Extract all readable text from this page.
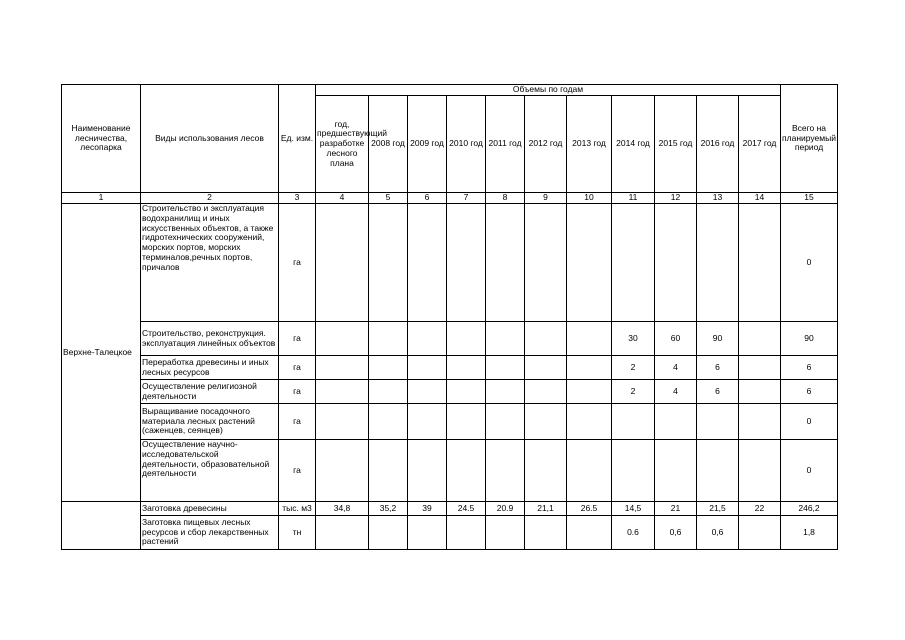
Наименование лесничества, лесопарка	Виды использования лесов	Ед. изм.	Объемы по годам											Всего на планируемый период
			год, предшествующий разработке лесного плана	2008 год	2009 год	2010 год	2011 год	2012 год	2013 год	2014 год	2015 год	2016 год	2017 год	
1	2	3	4	5	6	7	8	9	10	11	12	13	14	15
Верхне-Талецкое	Строительство и эксплуатация водохранилищ и иных искусственных объектов, а также гидротехнических сооружений, морских портов, морских терминалов,речных портов, причалов	га												0
	Строительство, реконструкция. эксплуатация линейных объектов	га								30	60	90		90
	Переработка древесины и иных лесных ресурсов	га								2	4	6		6
	Осуществление религиозной деятельности	га								2	4	6		6
	Выращивание посадочного материала лесных растений (саженцев, сеянцев)	га												0
	Осуществление научно-исследовательской деятельности, образовательной деятельности	га												0
	Заготовка древесины	тыс. м3	34,8	35,2	39	24.5	20.9	21,1	26.5	14,5	21	21,5	22	246,2
	Заготовка пищевых лесных ресурсов и сбор лекарственных растений	тн								0.6	0,6	0,6		1,8
